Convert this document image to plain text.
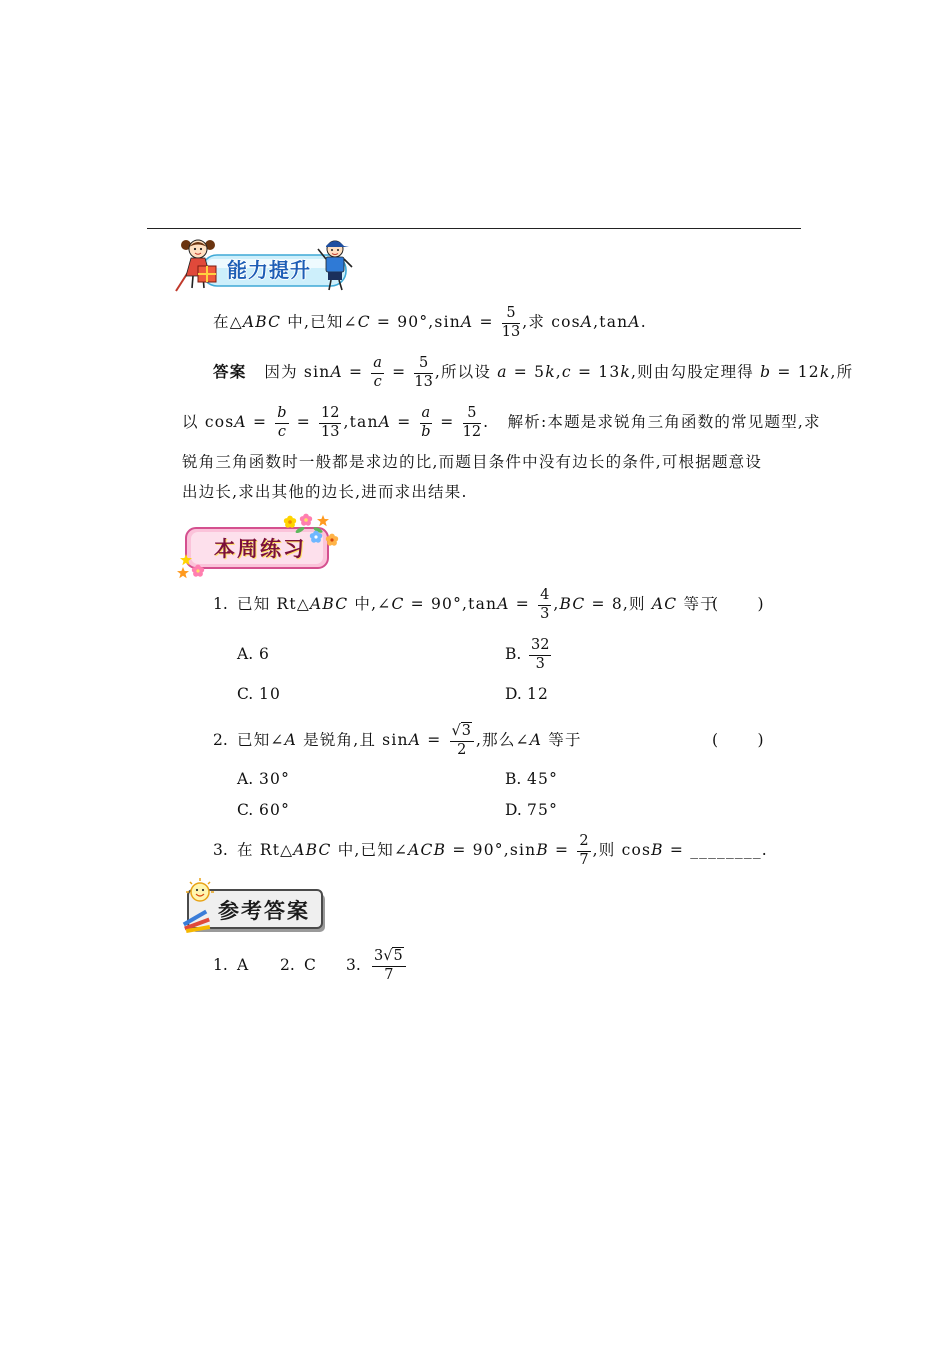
能力提升
在△ABC 中,已知∠C = $90^\circ,\sin A = \frac{5}{13}$ ,求 cosA,tanA.
答案 因为 $\sin A = \frac{a}{c} = \frac{5}{13}$ ,所以设 a = 5k,c = 13k,则由勾股定理得 b = 12k,所
以 $\cos A = \frac{b}{c} = \frac{12}{13} ,\tan A = \frac{a}{b} = \frac{5}{12}$ .   解析:本题是求锐角三角函数的常见题型,求
锐角三角函数时一般都是求边的比,而题目条件中没有边长的条件,可根据题意设
出边长,求出其他的边长,进而求出结果.
本周练习
1. 已知 Rt△ABC 中,∠C = $90^\circ,\tan A = \frac{4}{3} ,BC = 8$,则 AC 等于
(        )
A. 6	B. $\frac{32}{3}$
C. 10	D. 12
2. 已知∠A 是锐角,且 $\sin A = \frac{√3}{2}$ ,那么∠A 等于	(        )
A. 30°	B. 45°
C. 60°	D. 75°
3. 在 Rt△ABC 中,已知∠ACB = $90^\circ,\sin B = \frac{2}{7}$ ,则 cosB = ________.
参考答案
1. A 2. C 3. $\frac{3√5}{7}$
